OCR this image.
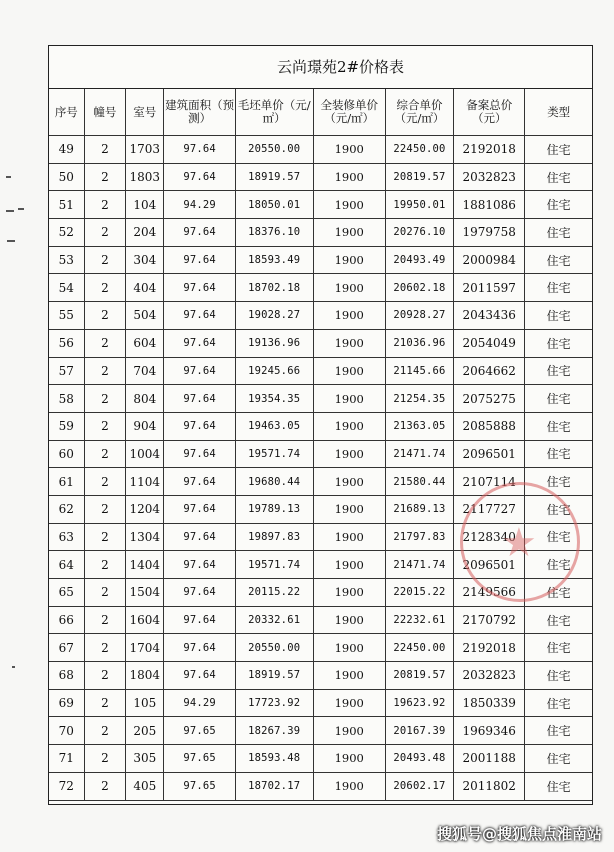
云尚璟苑2#价格表
序号	幢号	室号	建筑面积（预测）	毛坯单价（元/㎡）	全装修单价（元/㎡）	综合单价（元/㎡）	备案总价（元）	类型
49	2	1703	97.64	20550.00	1900	22450.00	2192018	住宅
50	2	1803	97.64	18919.57	1900	20819.57	2032823	住宅
51	2	104	94.29	18050.01	1900	19950.01	1881086	住宅
52	2	204	97.64	18376.10	1900	20276.10	1979758	住宅
53	2	304	97.64	18593.49	1900	20493.49	2000984	住宅
54	2	404	97.64	18702.18	1900	20602.18	2011597	住宅
55	2	504	97.64	19028.27	1900	20928.27	2043436	住宅
56	2	604	97.64	19136.96	1900	21036.96	2054049	住宅
57	2	704	97.64	19245.66	1900	21145.66	2064662	住宅
58	2	804	97.64	19354.35	1900	21254.35	2075275	住宅
59	2	904	97.64	19463.05	1900	21363.05	2085888	住宅
60	2	1004	97.64	19571.74	1900	21471.74	2096501	住宅
61	2	1104	97.64	19680.44	1900	21580.44	2107114	住宅
62	2	1204	97.64	19789.13	1900	21689.13	2117727	住宅
63	2	1304	97.64	19897.83	1900	21797.83	2128340	住宅
64	2	1404	97.64	19571.74	1900	21471.74	2096501	住宅
65	2	1504	97.64	20115.22	1900	22015.22	2149566	住宅
66	2	1604	97.64	20332.61	1900	22232.61	2170792	住宅
67	2	1704	97.64	20550.00	1900	22450.00	2192018	住宅
68	2	1804	97.64	18919.57	1900	20819.57	2032823	住宅
69	2	105	94.29	17723.92	1900	19623.92	1850339	住宅
70	2	205	97.65	18267.39	1900	20167.39	1969346	住宅
71	2	305	97.65	18593.48	1900	20493.48	2001188	住宅
72	2	405	97.65	18702.17	1900	20602.17	2011802	住宅
★
搜狐号@搜狐焦点淮南站
